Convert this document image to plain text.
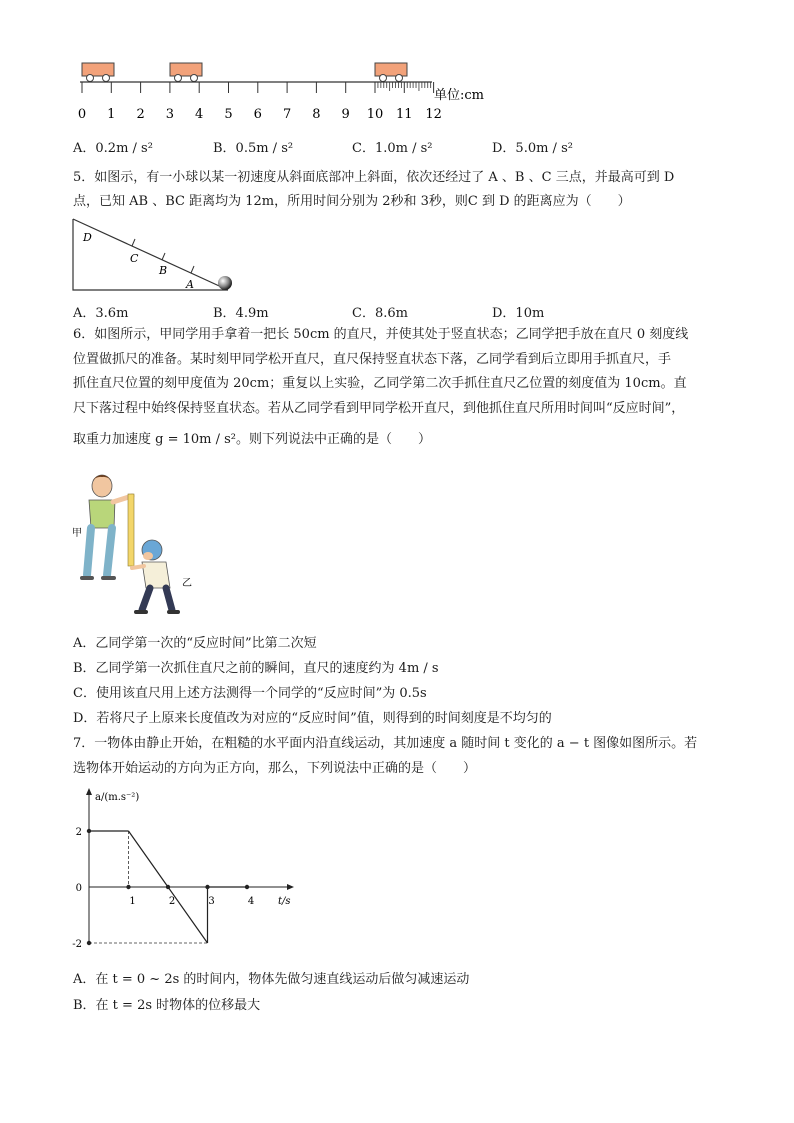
0 1 2 3 4 5 6 7 8 9 10 11 12
单位:cm
A．0.2m / s²	B．0.5m / s²	C．1.0m / s²	D．5.0m / s²
5．如图示，有一小球以某一初速度从斜面底部冲上斜面，依次还经过了 A 、B 、C 三点，并最高可到 D
点，已知 AB 、BC 距离均为 12m，所用时间分别为 2秒和 3秒，则C 到 D 的距离应为（　　）
D
C
B
A
A．3.6m	B．4.9m	C．8.6m	D．10m
6．如图所示，甲同学用手拿着一把长 50cm 的直尺，并使其处于竖直状态；乙同学把手放在直尺 0 刻度线
位置做抓尺的准备。某时刻甲同学松开直尺，直尺保持竖直状态下落，乙同学看到后立即用手抓直尺，手
抓住直尺位置的刻甲度值为 20cm；重复以上实验，乙同学第二次手抓住直尺乙位置的刻度值为 10cm。直
尺下落过程中始终保持竖直状态。若从乙同学看到甲同学松开直尺，到他抓住直尺所用时间叫“反应时间”，
取重力加速度 g = 10m / s²。则下列说法中正确的是（　　）
甲
乙
A．乙同学第一次的“反应时间”比第二次短
B．乙同学第一次抓住直尺之前的瞬间，直尺的速度约为 4m / s
C．使用该直尺用上述方法测得一个同学的“反应时间”为 0.5s
D．若将尺子上原来长度值改为对应的“反应时间”值，则得到的时间刻度是不均匀的
7．一物体由静止开始，在粗糙的水平面内沿直线运动，其加速度 a 随时间 t 变化的 a − t 图像如图所示。若
选物体开始运动的方向为正方向，那么，下列说法中正确的是（　　）
a/(m.s⁻²)
t/s
1	2	3	4
2
0
-2
A．在 t = 0 ~ 2s 的时间内，物体先做匀速直线运动后做匀减速运动
B．在 t = 2s 时物体的位移最大
